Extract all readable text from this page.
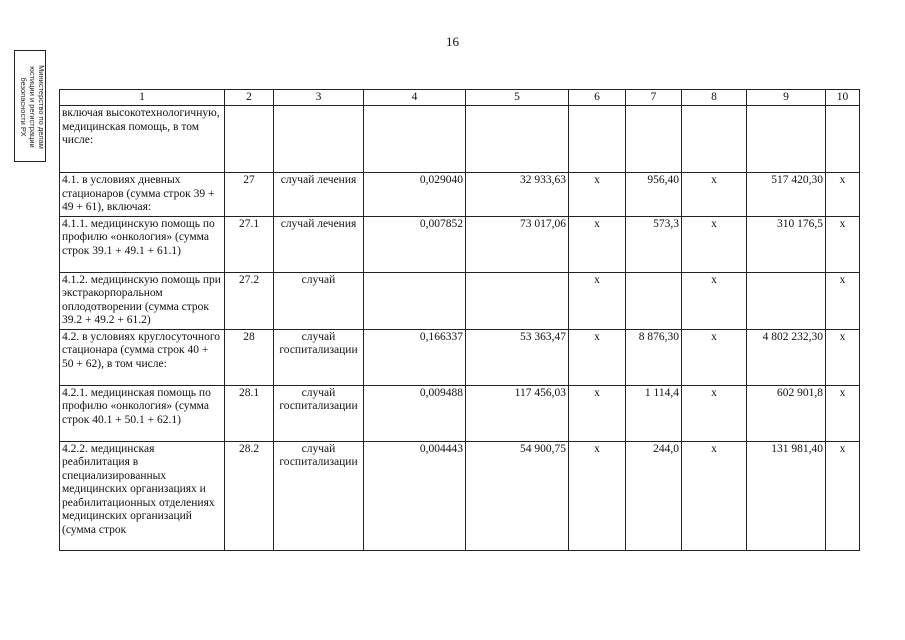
16
Министерство по делам юстиции и регистрации безопасности РХ	1	2	3	4	5	6	7	8	9	10
включая высокотехнологичную, медицинская помощь, в том числе:									
4.1. в условиях дневных стационаров (сумма строк 39 + 49 + 61), включая:	27	случай лечения	0,029040	32 933,63	х	956,40	х	517 420,30	х
4.1.1. медицинскую помощь по профилю «онкология» (сумма строк 39.1 + 49.1 + 61.1)	27.1	случай лечения	0,007852	73 017,06	х	573,3	х	310 176,5	х
4.1.2. медицинскую помощь при экстракорпоральном оплодотворении (сумма строк 39.2 + 49.2 + 61.2)	27.2	случай			х		х		х
4.2. в условиях круглосуточного стационара (сумма строк 40 + 50 + 62), в том числе:	28	случай госпитализации	0,166337	53 363,47	х	8 876,30	х	4 802 232,30	х
4.2.1. медицинская помощь по профилю «онкология» (сумма строк 40.1 + 50.1 + 62.1)	28.1	случай госпитализации	0,009488	117 456,03	х	1 114,4	х	602 901,8	х
4.2.2. медицинская реабилитация в специализированных медицинских организациях и реабилитационных отделениях медицинских организаций (сумма строк	28.2	случай госпитализации	0,004443	54 900,75	х	244,0	х	131 981,40	х
